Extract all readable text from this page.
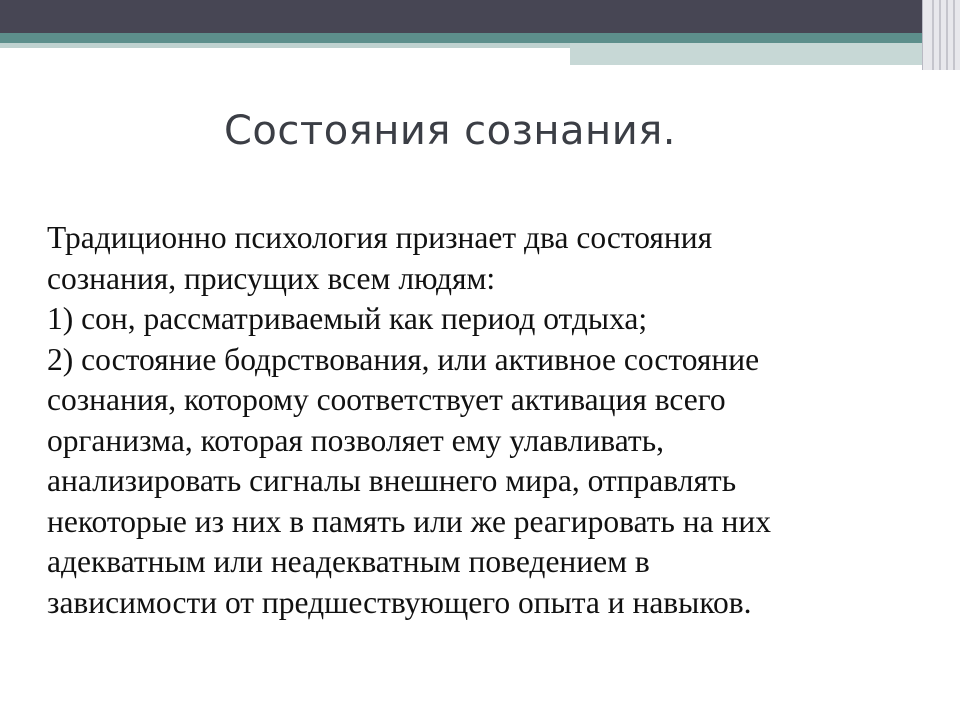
Состояния сознания.
Традиционно психология признает два состояния
сознания, присущих всем людям:
1) сон, рассматриваемый как период отдыха;
2) состояние бодрствования, или активное состояние
сознания, которому соответствует активация всего
организма, которая позволяет ему улавливать,
анализировать сигналы внешнего мира, отправлять
некоторые из них в память или же реагировать на них
адекватным или неадекватным поведением в
зависимости от предшествующего опыта и навыков.
